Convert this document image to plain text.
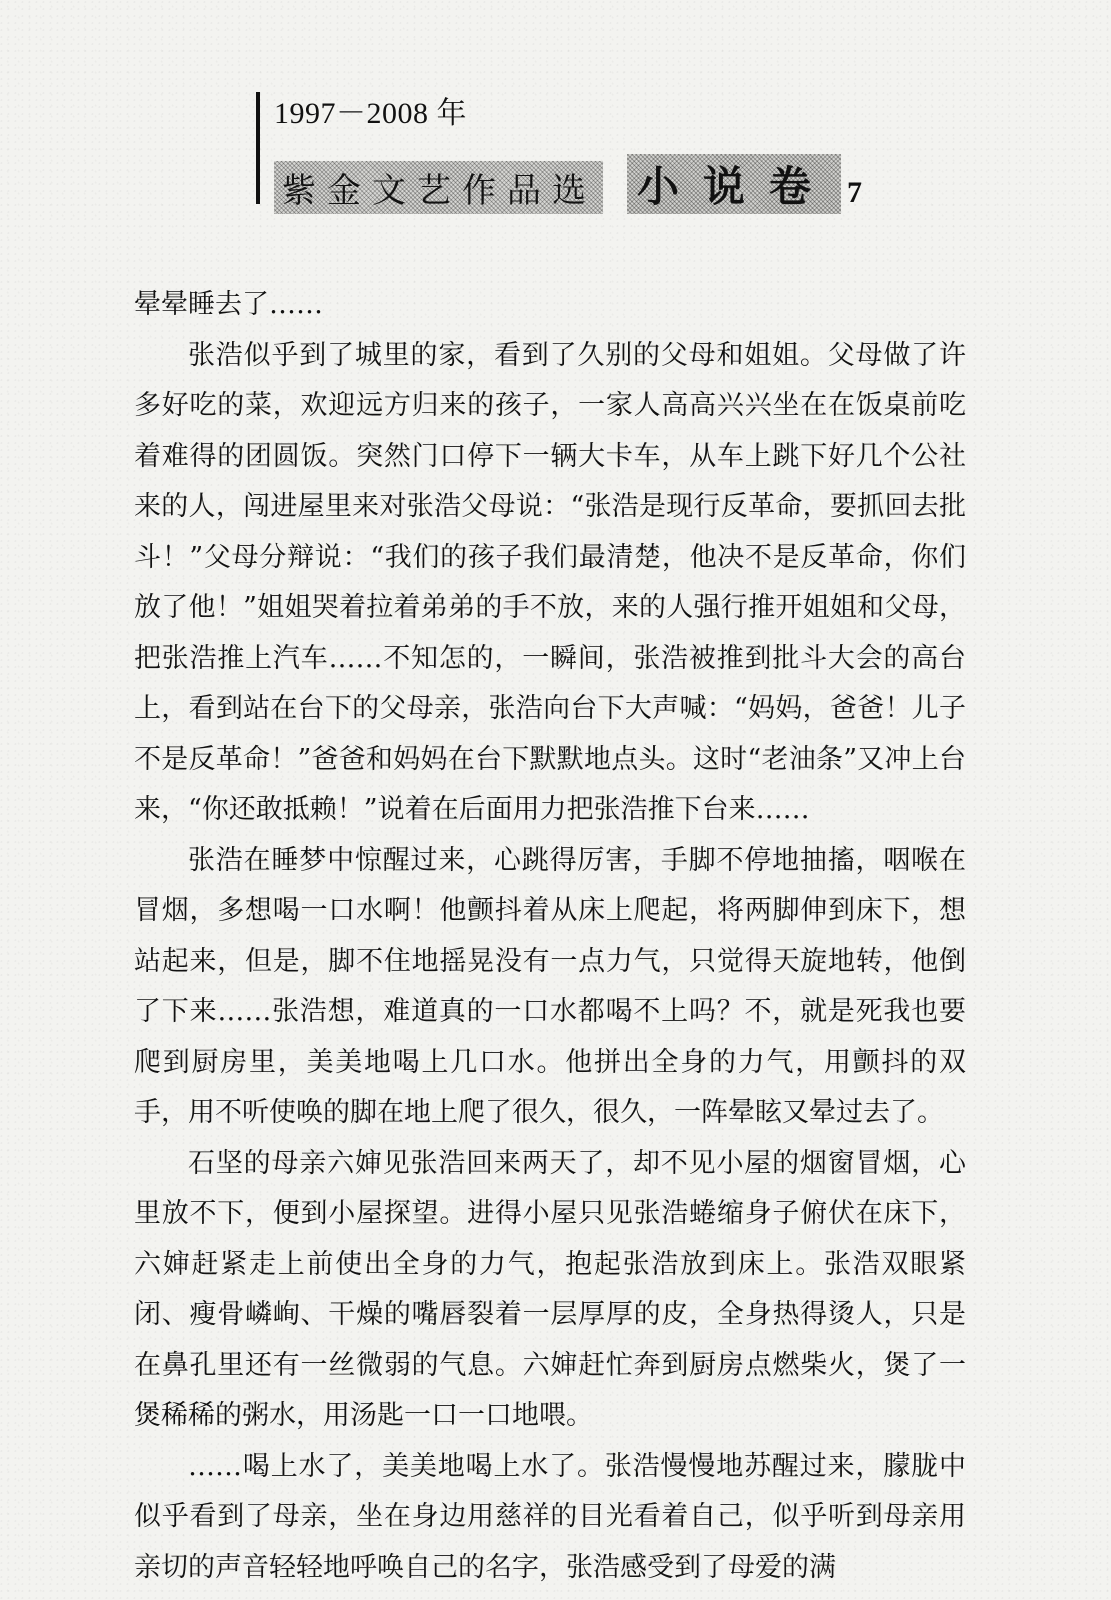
1997－2008 年
紫金文艺作品选 小说卷 7

晕晕睡去了……

张浩似乎到了城里的家，看到了久别的父母和姐姐。父母做了许多好吃的菜，欢迎远方归来的孩子，一家人高高兴兴坐在在饭桌前吃着难得的团圆饭。突然门口停下一辆大卡车，从车上跳下好几个公社来的人，闯进屋里来对张浩父母说：“张浩是现行反革命，要抓回去批斗！”父母分辩说：“我们的孩子我们最清楚，他决不是反革命，你们放了他！”姐姐哭着拉着弟弟的手不放，来的人强行推开姐姐和父母，把张浩推上汽车……不知怎的，一瞬间，张浩被推到批斗大会的高台上，看到站在台下的父母亲，张浩向台下大声喊：“妈妈，爸爸！儿子不是反革命！”爸爸和妈妈在台下默默地点头。这时“老油条”又冲上台来，“你还敢抵赖！”说着在后面用力把张浩推下台来……

张浩在睡梦中惊醒过来，心跳得厉害，手脚不停地抽搐，咽喉在冒烟，多想喝一口水啊！他颤抖着从床上爬起，将两脚伸到床下，想站起来，但是，脚不住地摇晃没有一点力气，只觉得天旋地转，他倒了下来……张浩想，难道真的一口水都喝不上吗？不，就是死我也要爬到厨房里，美美地喝上几口水。他拼出全身的力气，用颤抖的双手，用不听使唤的脚在地上爬了很久，很久，一阵晕眩又晕过去了。

石坚的母亲六婶见张浩回来两天了，却不见小屋的烟窗冒烟，心里放不下，便到小屋探望。进得小屋只见张浩蜷缩身子俯伏在床下，六婶赶紧走上前使出全身的力气，抱起张浩放到床上。张浩双眼紧闭、瘦骨嶙峋、干燥的嘴唇裂着一层厚厚的皮，全身热得烫人，只是在鼻孔里还有一丝微弱的气息。六婶赶忙奔到厨房点燃柴火，煲了一煲稀稀的粥水，用汤匙一口一口地喂。

……喝上水了，美美地喝上水了。张浩慢慢地苏醒过来，朦胧中似乎看到了母亲，坐在身边用慈祥的目光看着自己，似乎听到母亲用亲切的声音轻轻地呼唤自己的名字，张浩感受到了母爱的满
